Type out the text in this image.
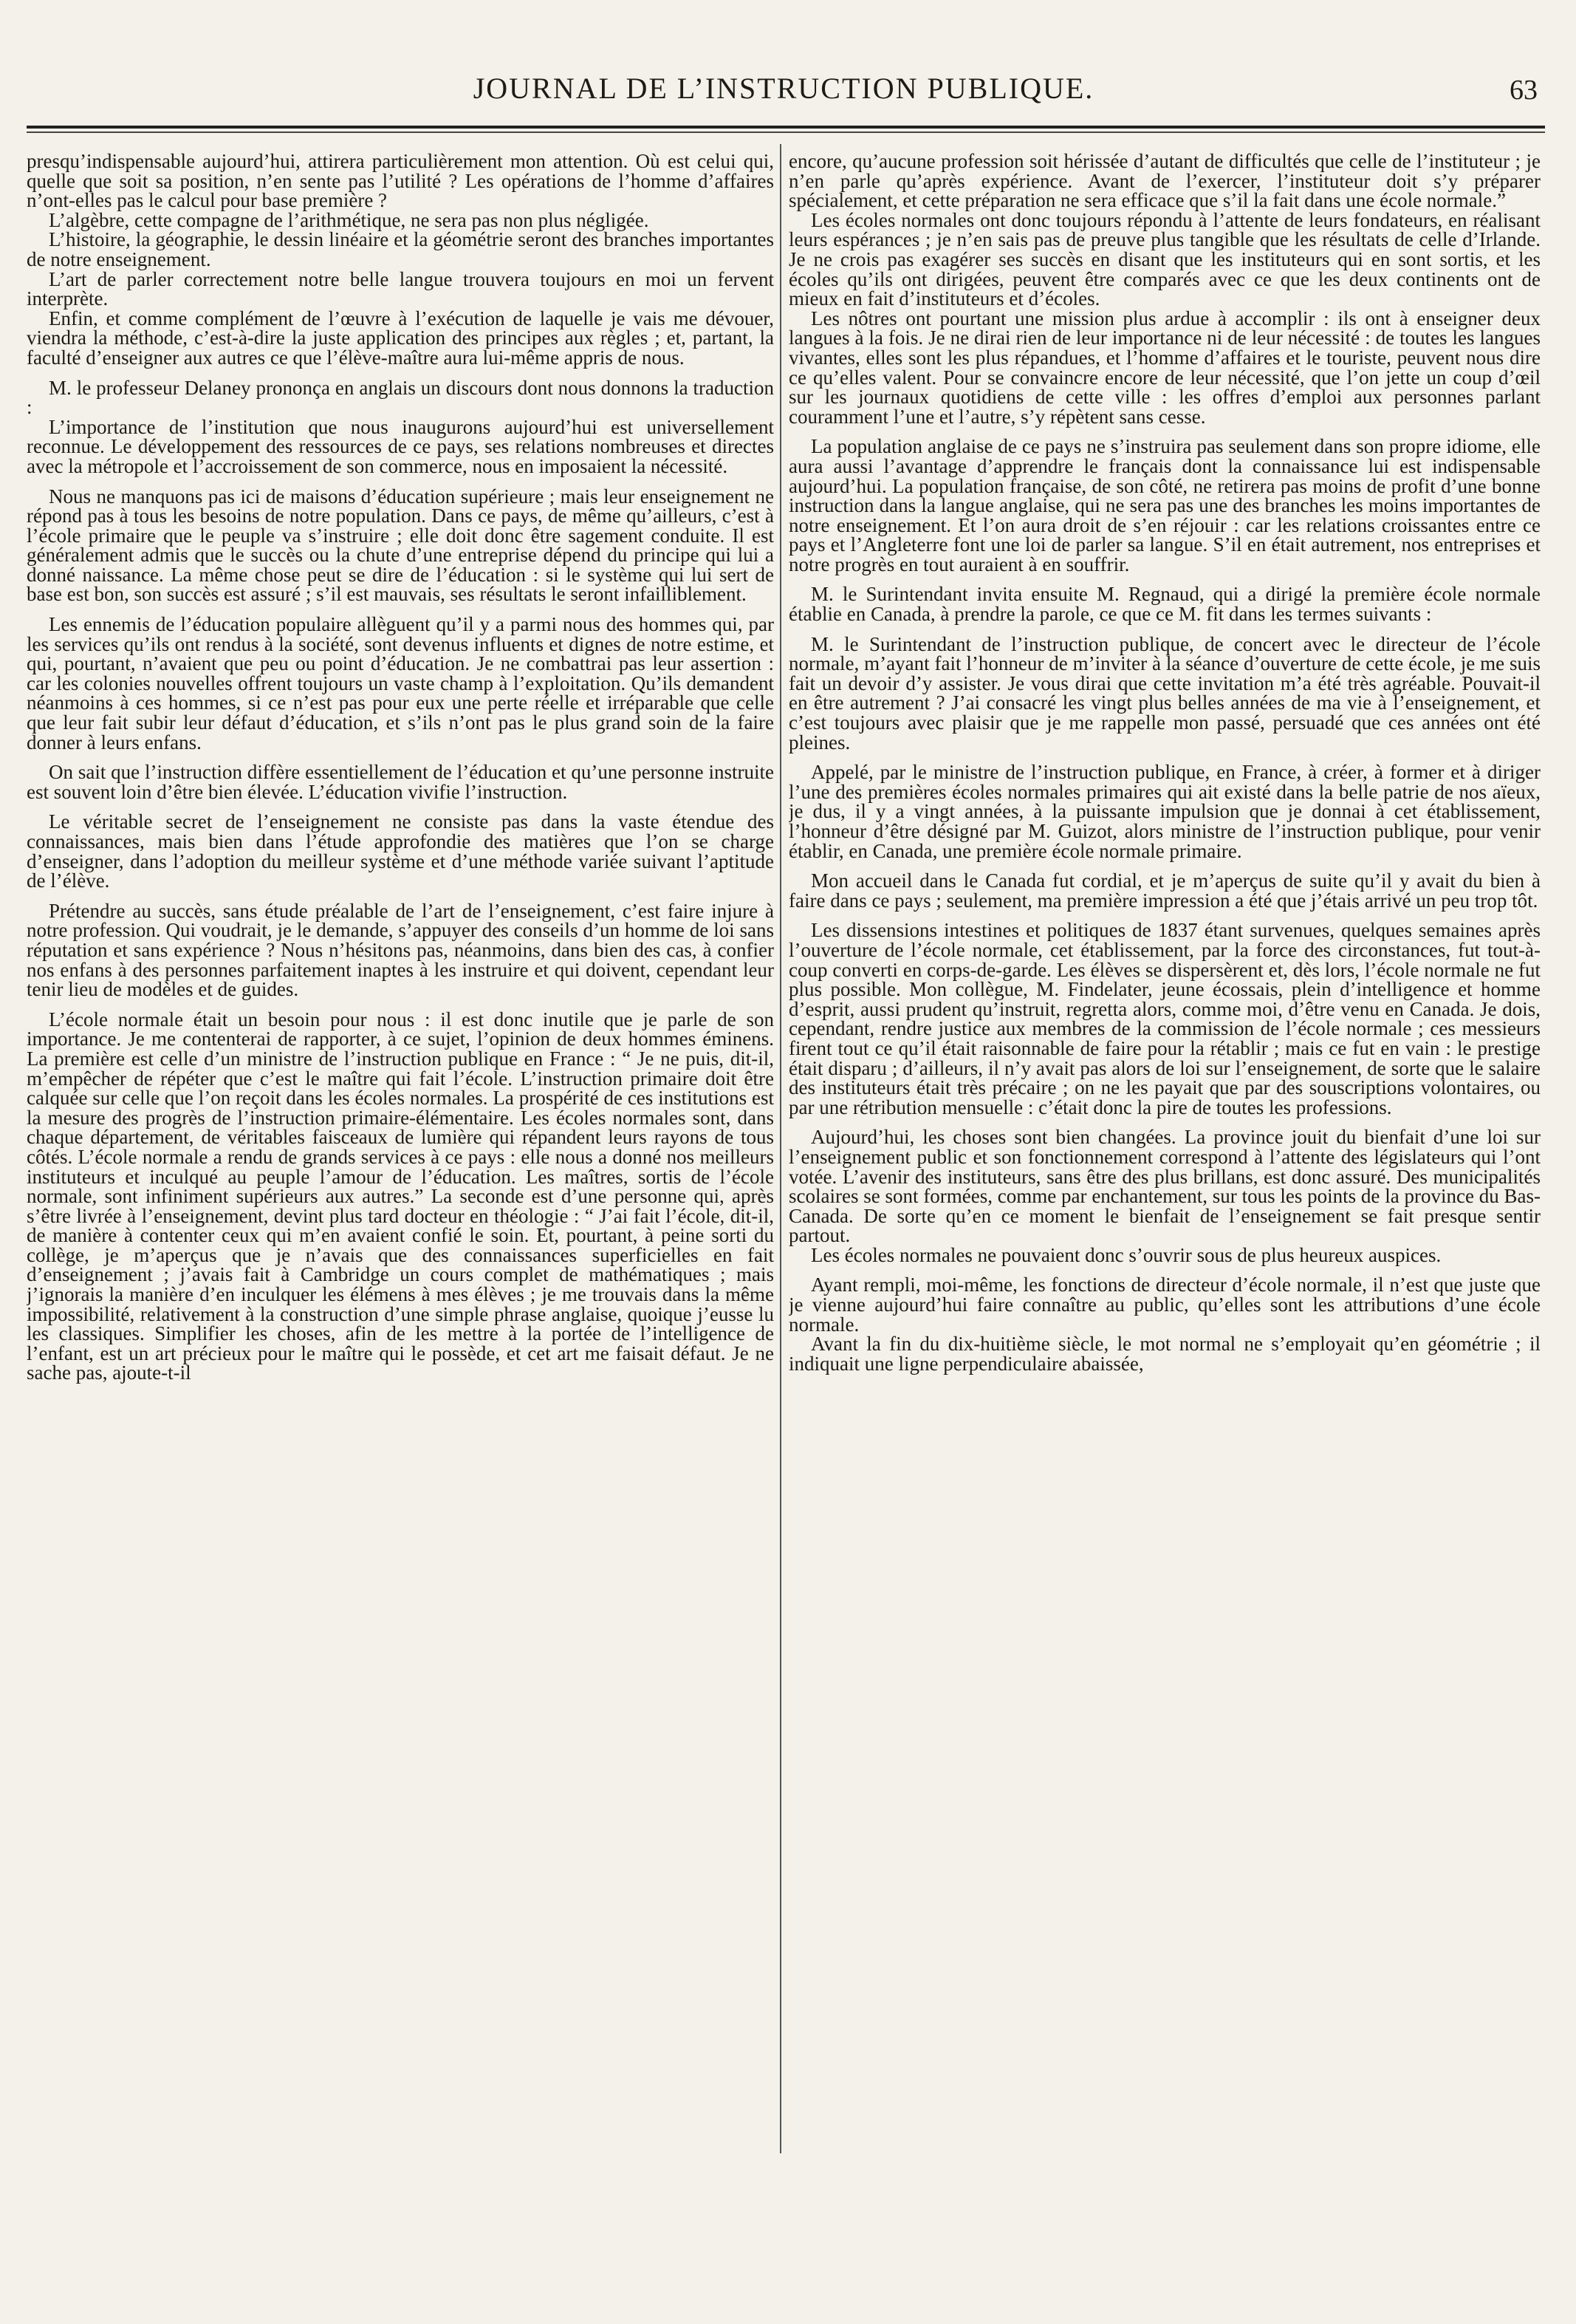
JOURNAL DE L’INSTRUCTION PUBLIQUE.	63

presqu’indispensable aujourd’hui, attirera particulièrement mon attention. Où est celui qui, quelle que soit sa position, n’en sente pas l’utilité ? Les opérations de l’homme d’affaires n’ont-elles pas le calcul pour base première ?

L’algèbre, cette compagne de l’arithmétique, ne sera pas non plus négligée.

L’histoire, la géographie, le dessin linéaire et la géométrie seront des branches importantes de notre enseignement.

L’art de parler correctement notre belle langue trouvera toujours en moi un fervent interprète.

Enfin, et comme complément de l’œuvre à l’exécution de laquelle je vais me dévouer, viendra la méthode, c’est-à-dire la juste application des principes aux règles ; et, partant, la faculté d’enseigner aux autres ce que l’élève-maître aura lui-même appris de nous.

M. le professeur Delaney prononça en anglais un discours dont nous donnons la traduction :

L’importance de l’institution que nous inaugurons aujourd’hui est universellement reconnue. Le développement des ressources de ce pays, ses relations nombreuses et directes avec la métropole et l’accroissement de son commerce, nous en imposaient la nécessité.

Nous ne manquons pas ici de maisons d’éducation supérieure ; mais leur enseignement ne répond pas à tous les besoins de notre population. Dans ce pays, de même qu’ailleurs, c’est à l’école primaire que le peuple va s’instruire ; elle doit donc être sagement conduite. Il est généralement admis que le succès ou la chute d’une entreprise dépend du principe qui lui a donné naissance. La même chose peut se dire de l’éducation : si le système qui lui sert de base est bon, son succès est assuré ; s’il est mauvais, ses résultats le seront infailliblement.

Les ennemis de l’éducation populaire allèguent qu’il y a parmi nous des hommes qui, par les services qu’ils ont rendus à la société, sont devenus influents et dignes de notre estime, et qui, pourtant, n’avaient que peu ou point d’éducation. Je ne combattrai pas leur assertion : car les colonies nouvelles offrent toujours un vaste champ à l’exploitation. Qu’ils demandent néanmoins à ces hommes, si ce n’est pas pour eux une perte réelle et irréparable que celle que leur fait subir leur défaut d’éducation, et s’ils n’ont pas le plus grand soin de la faire donner à leurs enfans.

On sait que l’instruction diffère essentiellement de l’éducation et qu’une personne instruite est souvent loin d’être bien élevée. L’éducation vivifie l’instruction.

Le véritable secret de l’enseignement ne consiste pas dans la vaste étendue des connaissances, mais bien dans l’étude approfondie des matières que l’on se charge d’enseigner, dans l’adoption du meilleur système et d’une méthode variée suivant l’aptitude de l’élève.

Prétendre au succès, sans étude préalable de l’art de l’enseignement, c’est faire injure à notre profession. Qui voudrait, je le demande, s’appuyer des conseils d’un homme de loi sans réputation et sans expérience ? Nous n’hésitons pas, néanmoins, dans bien des cas, à confier nos enfans à des personnes parfaitement inaptes à les instruire et qui doivent, cependant leur tenir lieu de modèles et de guides.

L’école normale était un besoin pour nous : il est donc inutile que je parle de son importance. Je me contenterai de rapporter, à ce sujet, l’opinion de deux hommes éminens. La première est celle d’un ministre de l’instruction publique en France : “ Je ne puis, dit-il, m’empêcher de répéter que c’est le maître qui fait l’école. L’instruction primaire doit être calquée sur celle que l’on reçoit dans les écoles normales. La prospérité de ces institutions est la mesure des progrès de l’instruction primaire-élémentaire. Les écoles normales sont, dans chaque département, de véritables faisceaux de lumière qui répandent leurs rayons de tous côtés. L’école normale a rendu de grands services à ce pays : elle nous a donné nos meilleurs instituteurs et inculqué au peuple l’amour de l’éducation. Les maîtres, sortis de l’école normale, sont infiniment supérieurs aux autres.” La seconde est d’une personne qui, après s’être livrée à l’enseignement, devint plus tard docteur en théologie : “ J’ai fait l’école, dit-il, de manière à contenter ceux qui m’en avaient confié le soin. Et, pourtant, à peine sorti du collège, je m’aperçus que je n’avais que des connaissances superficielles en fait d’enseignement ; j’avais fait à Cambridge un cours complet de mathématiques ; mais j’ignorais la manière d’en inculquer les élémens à mes élèves ; je me trouvais dans la même impossibilité, relativement à la construction d’une simple phrase anglaise, quoique j’eusse lu les classiques. Simplifier les choses, afin de les mettre à la portée de l’intelligence de l’enfant, est un art précieux pour le maître qui le possède, et cet art me faisait défaut. Je ne sache pas, ajoute-t-il

encore, qu’aucune profession soit hérissée d’autant de difficultés que celle de l’instituteur ; je n’en parle qu’après expérience. Avant de l’exercer, l’instituteur doit s’y préparer spécialement, et cette préparation ne sera efficace que s’il la fait dans une école normale.”

Les écoles normales ont donc toujours répondu à l’attente de leurs fondateurs, en réalisant leurs espérances ; je n’en sais pas de preuve plus tangible que les résultats de celle d’Irlande. Je ne crois pas exagérer ses succès en disant que les instituteurs qui en sont sortis, et les écoles qu’ils ont dirigées, peuvent être comparés avec ce que les deux continents ont de mieux en fait d’instituteurs et d’écoles.

Les nôtres ont pourtant une mission plus ardue à accomplir : ils ont à enseigner deux langues à la fois. Je ne dirai rien de leur importance ni de leur nécessité : de toutes les langues vivantes, elles sont les plus répandues, et l’homme d’affaires et le touriste, peuvent nous dire ce qu’elles valent. Pour se convaincre encore de leur nécessité, que l’on jette un coup d’œil sur les journaux quotidiens de cette ville : les offres d’emploi aux personnes parlant couramment l’une et l’autre, s’y répètent sans cesse.

La population anglaise de ce pays ne s’instruira pas seulement dans son propre idiome, elle aura aussi l’avantage d’apprendre le français dont la connaissance lui est indispensable aujourd’hui. La population française, de son côté, ne retirera pas moins de profit d’une bonne instruction dans la langue anglaise, qui ne sera pas une des branches les moins importantes de notre enseignement. Et l’on aura droit de s’en réjouir : car les relations croissantes entre ce pays et l’Angleterre font une loi de parler sa langue. S’il en était autrement, nos entreprises et notre progrès en tout auraient à en souffrir.

M. le Surintendant invita ensuite M. Regnaud, qui a dirigé la première école normale établie en Canada, à prendre la parole, ce que ce M. fit dans les termes suivants :

M. le Surintendant de l’instruction publique, de concert avec le directeur de l’école normale, m’ayant fait l’honneur de m’inviter à la séance d’ouverture de cette école, je me suis fait un devoir d’y assister. Je vous dirai que cette invitation m’a été très agréable. Pouvait-il en être autrement ? J’ai consacré les vingt plus belles années de ma vie à l’enseignement, et c’est toujours avec plaisir que je me rappelle mon passé, persuadé que ces années ont été pleines.

Appelé, par le ministre de l’instruction publique, en France, à créer, à former et à diriger l’une des premières écoles normales primaires qui ait existé dans la belle patrie de nos aïeux, je dus, il y a vingt années, à la puissante impulsion que je donnai à cet établissement, l’honneur d’être désigné par M. Guizot, alors ministre de l’instruction publique, pour venir établir, en Canada, une première école normale primaire.

Mon accueil dans le Canada fut cordial, et je m’aperçus de suite qu’il y avait du bien à faire dans ce pays ; seulement, ma première impression a été que j’étais arrivé un peu trop tôt.

Les dissensions intestines et politiques de 1837 étant survenues, quelques semaines après l’ouverture de l’école normale, cet établissement, par la force des circonstances, fut tout-à-coup converti en corps-de-garde. Les élèves se dispersèrent et, dès lors, l’école normale ne fut plus possible. Mon collègue, M. Findelater, jeune écossais, plein d’intelligence et homme d’esprit, aussi prudent qu’instruit, regretta alors, comme moi, d’être venu en Canada. Je dois, cependant, rendre justice aux membres de la commission de l’école normale ; ces messieurs firent tout ce qu’il était raisonnable de faire pour la rétablir ; mais ce fut en vain : le prestige était disparu ; d’ailleurs, il n’y avait pas alors de loi sur l’enseignement, de sorte que le salaire des instituteurs était très précaire ; on ne les payait que par des souscriptions volontaires, ou par une rétribution mensuelle : c’était donc la pire de toutes les professions.

Aujourd’hui, les choses sont bien changées. La province jouit du bienfait d’une loi sur l’enseignement public et son fonctionnement correspond à l’attente des législateurs qui l’ont votée. L’avenir des instituteurs, sans être des plus brillans, est donc assuré. Des municipalités scolaires se sont formées, comme par enchantement, sur tous les points de la province du Bas-Canada. De sorte qu’en ce moment le bienfait de l’enseignement se fait presque sentir partout.

Les écoles normales ne pouvaient donc s’ouvrir sous de plus heureux auspices.

Ayant rempli, moi-même, les fonctions de directeur d’école normale, il n’est que juste que je vienne aujourd’hui faire connaître au public, qu’elles sont les attributions d’une école normale.

Avant la fin du dix-huitième siècle, le mot normal ne s’employait qu’en géométrie ; il indiquait une ligne perpendiculaire abaissée,
